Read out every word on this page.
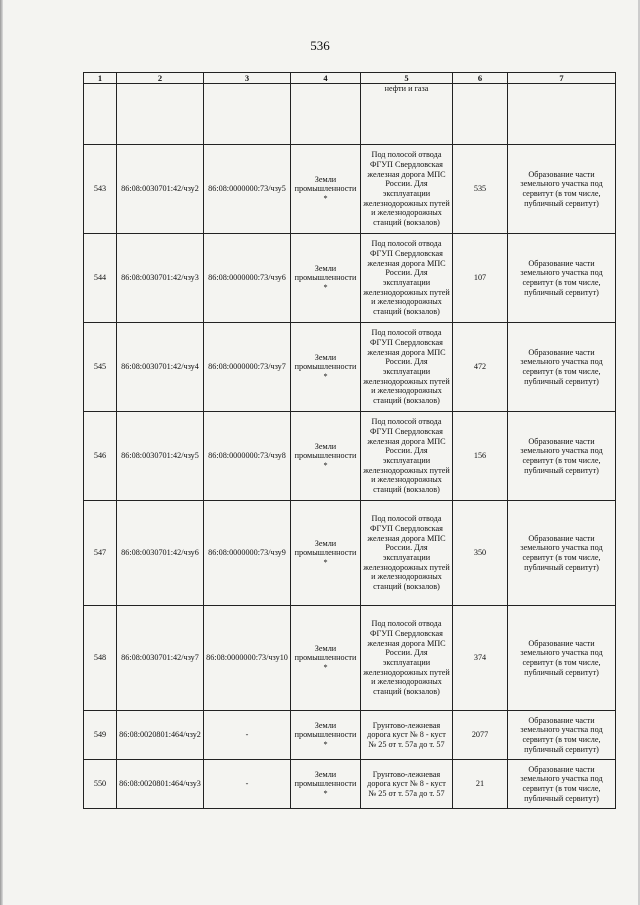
536
1	2	3	4	5	6	7
				нефти и газа		
543	86:08:0030701:42/чзу2	86:08:0000000:73/чзу5	Земли промышленности*	Под полосой отвода ФГУП Свердловская железная дорога МПС России. Для эксплуатации железнодорожных путей и железнодорожных станций (вокзалов)	535	Образование части земельного участка под сервитут (в том числе, публичный сервитут)
544	86:08:0030701:42/чзу3	86:08:0000000:73/чзу6	Земли промышленности*	Под полосой отвода ФГУП Свердловская железная дорога МПС России. Для эксплуатации железнодорожных путей и железнодорожных станций (вокзалов)	107	Образование части земельного участка под сервитут (в том числе, публичный сервитут)
545	86:08:0030701:42/чзу4	86:08:0000000:73/чзу7	Земли промышленности*	Под полосой отвода ФГУП Свердловская железная дорога МПС России. Для эксплуатации железнодорожных путей и железнодорожных станций (вокзалов)	472	Образование части земельного участка под сервитут (в том числе, публичный сервитут)
546	86:08:0030701:42/чзу5	86:08:0000000:73/чзу8	Земли промышленности*	Под полосой отвода ФГУП Свердловская железная дорога МПС России. Для эксплуатации железнодорожных путей и железнодорожных станций (вокзалов)	156	Образование части земельного участка под сервитут (в том числе, публичный сервитут)
547	86:08:0030701:42/чзу6	86:08:0000000:73/чзу9	Земли промышленности*	Под полосой отвода ФГУП Свердловская железная дорога МПС России. Для эксплуатации железнодорожных путей и железнодорожных станций (вокзалов)	350	Образование части земельного участка под сервитут (в том числе, публичный сервитут)
548	86:08:0030701:42/чзу7	86:08:0000000:73/чзу10	Земли промышленности*	Под полосой отвода ФГУП Свердловская железная дорога МПС России. Для эксплуатации железнодорожных путей и железнодорожных станций (вокзалов)	374	Образование части земельного участка под сервитут (в том числе, публичный сервитут)
549	86:08:0020801:464/чзу2	-	Земли промышленности*	Грунтово-лежневая дорога куст № 8 - куст № 25 от т. 57а до т. 57	2077	Образование части земельного участка под сервитут (в том числе, публичный сервитут)
550	86:08:0020801:464/чзу3	-	Земли промышленности*	Грунтово-лежневая дорога куст № 8 - куст № 25 от т. 57а до т. 57	21	Образование части земельного участка под сервитут (в том числе, публичный сервитут)
